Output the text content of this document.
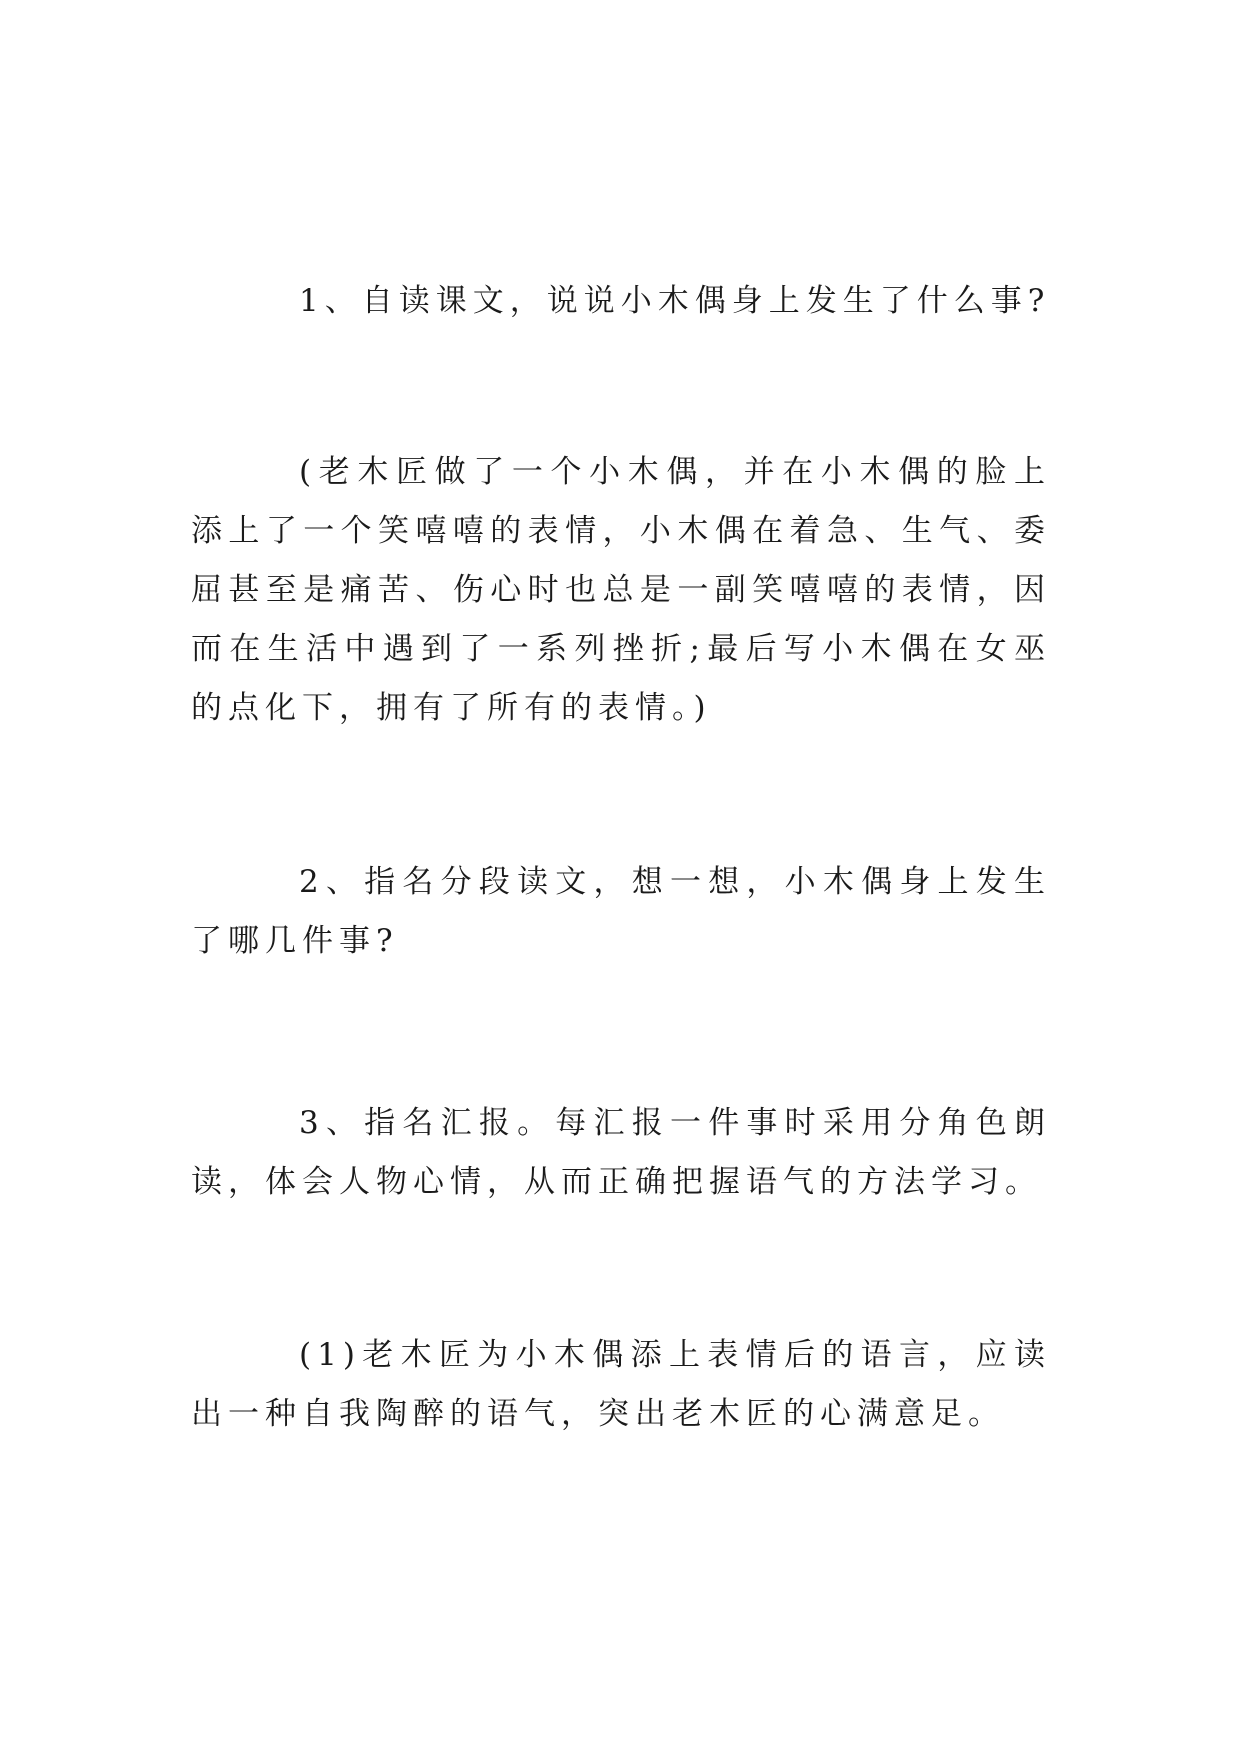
1、自读课文，说说小木偶身上发生了什么事?

(老木匠做了一个小木偶，并在小木偶的脸上添上了一个笑嘻嘻的表情，小木偶在着急、生气、委屈甚至是痛苦、伤心时也总是一副笑嘻嘻的表情，因而在生活中遇到了一系列挫折;最后写小木偶在女巫的点化下，拥有了所有的表情。)

2、指名分段读文，想一想，小木偶身上发生了哪几件事?

3、指名汇报。每汇报一件事时采用分角色朗读，体会人物心情，从而正确把握语气的方法学习。

(1)老木匠为小木偶添上表情后的语言，应读出一种自我陶醉的语气，突出老木匠的心满意足。
